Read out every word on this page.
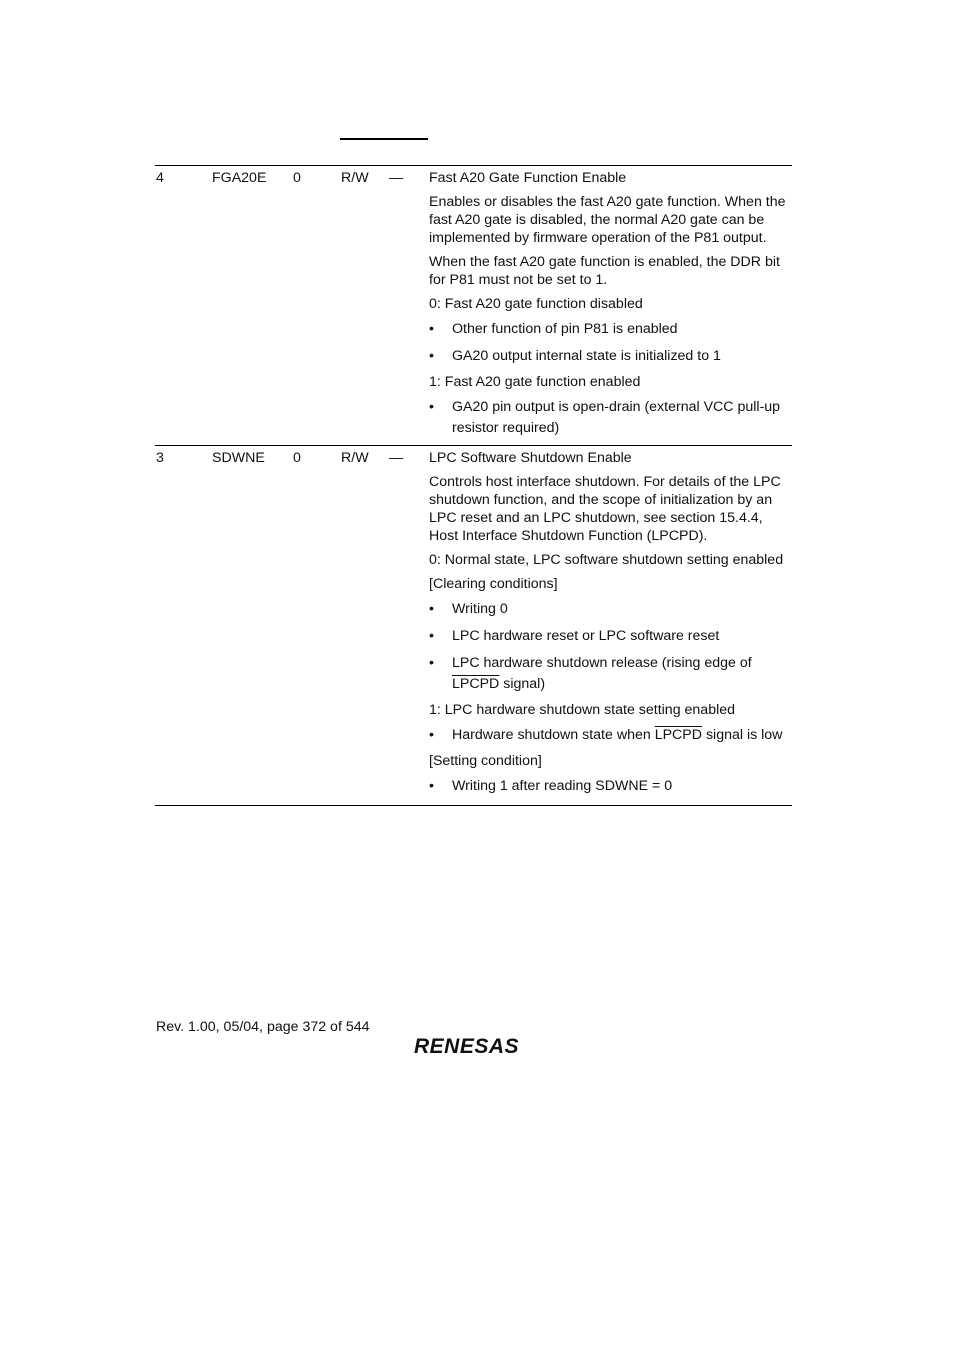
4	FGA20E 0	R/W — Fast A20 Gate Function Enable
Enables or disables the fast A20 gate function. When the fast A20 gate is disabled, the normal A20 gate can be implemented by firmware operation of the P81 output.
When the fast A20 gate function is enabled, the DDR bit for P81 must not be set to 1.
0: Fast A20 gate function disabled
• Other function of pin P81 is enabled
• GA20 output internal state is initialized to 1
1: Fast A20 gate function enabled
• GA20 pin output is open-drain (external VCC pull-up resistor required)
3	SDWNE 0	R/W — LPC Software Shutdown Enable
Controls host interface shutdown. For details of the LPC shutdown function, and the scope of initialization by an LPC reset and an LPC shutdown, see section 15.4.4, Host Interface Shutdown Function (LPCPD).
0: Normal state, LPC software shutdown setting enabled
[Clearing conditions]
• Writing 0
• LPC hardware reset or LPC software reset
• LPC hardware shutdown release (rising edge of LPCPD signal)
1: LPC hardware shutdown state setting enabled
• Hardware shutdown state when LPCPD signal is low
[Setting condition]
• Writing 1 after reading SDWNE = 0
Rev. 1.00, 05/04, page 372 of 544
RENESAS
